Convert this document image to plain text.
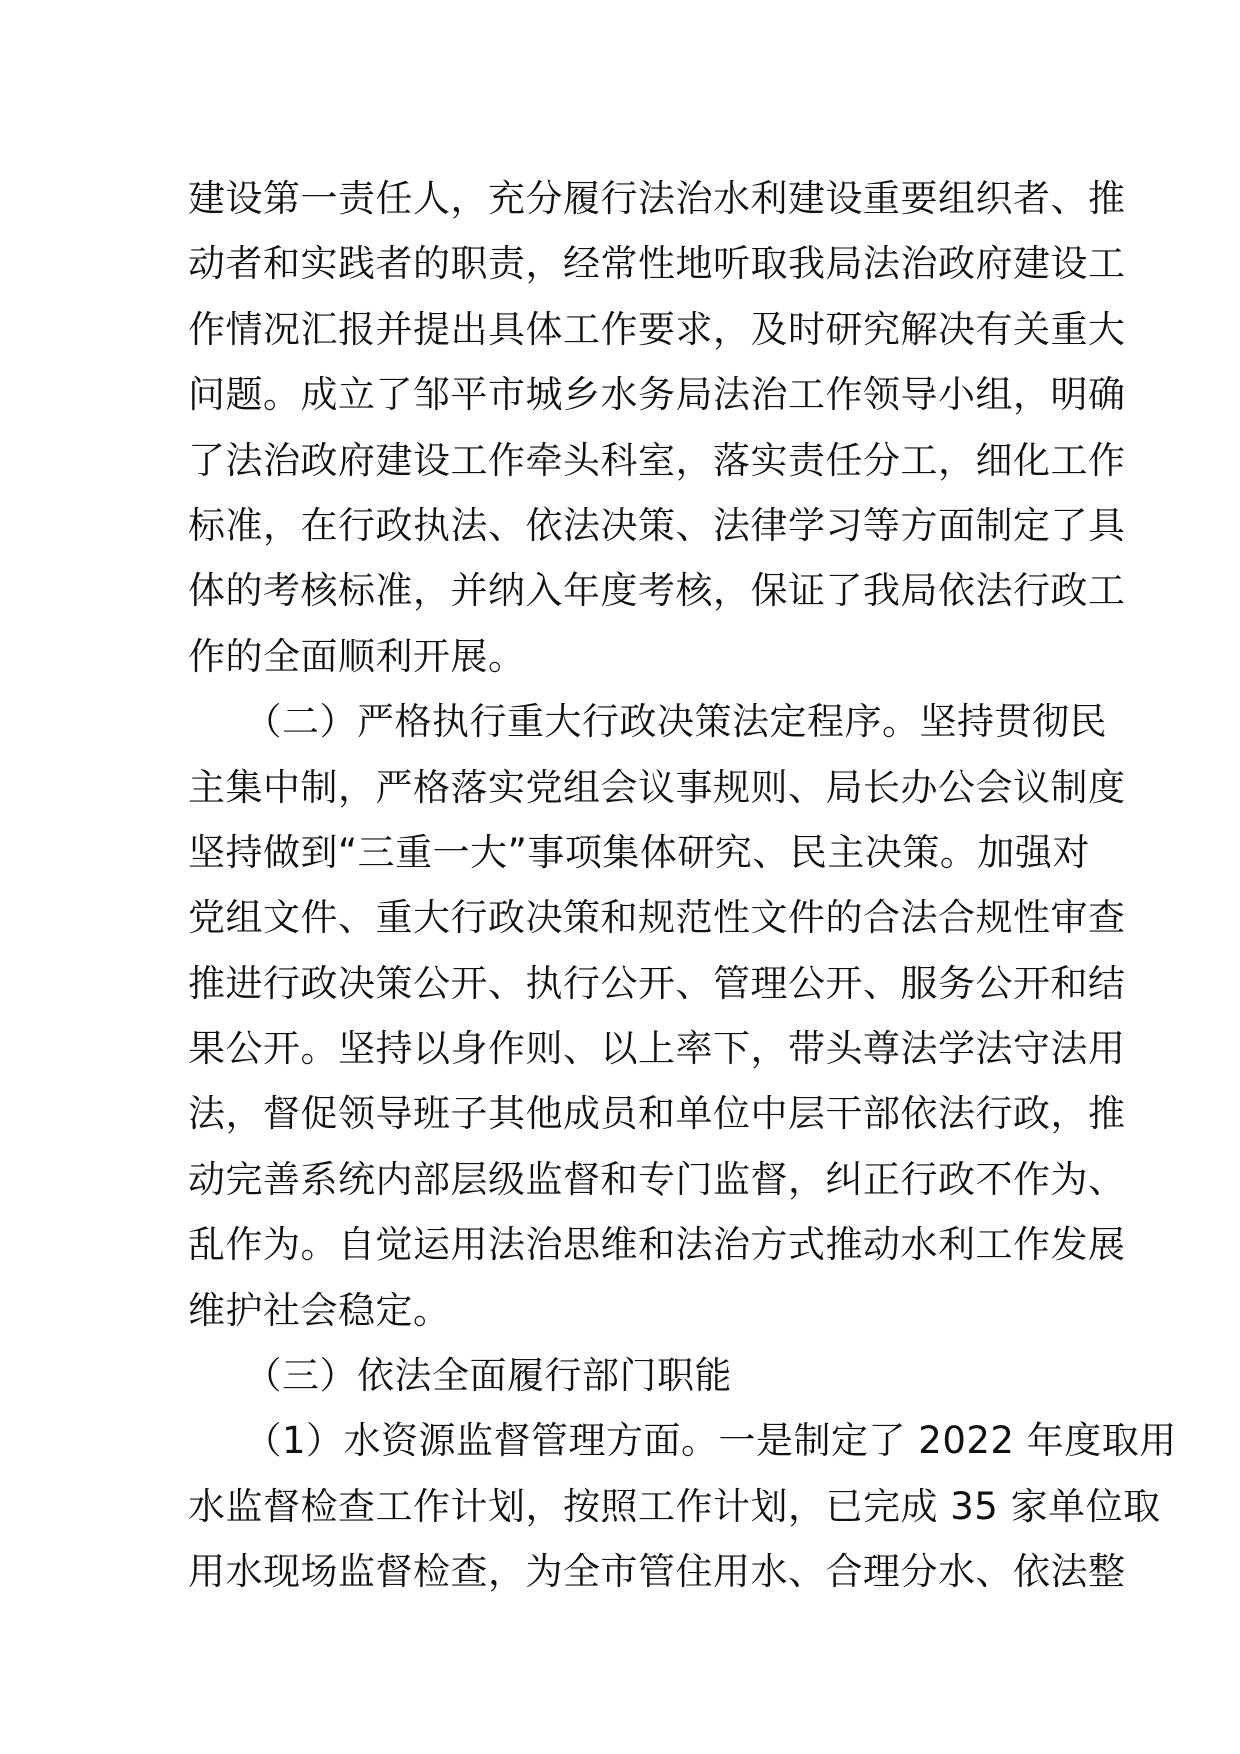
建设第一责任人，充分履行法治水利建设重要组织者、推
动者和实践者的职责，经常性地听取我局法治政府建设工
作情况汇报并提出具体工作要求，及时研究解决有关重大
问题。成立了邹平市城乡水务局法治工作领导小组，明确
了法治政府建设工作牵头科室，落实责任分工，细化工作
标准，在行政执法、依法决策、法律学习等方面制定了具
体的考核标准，并纳入年度考核，保证了我局依法行政工
作的全面顺利开展。
　　（二）严格执行重大行政决策法定程序。坚持贯彻民
主集中制，严格落实党组会议事规则、局长办公会议制度
坚持做到“三重一大”事项集体研究、民主决策。加强对
党组文件、重大行政决策和规范性文件的合法合规性审查
推进行政决策公开、执行公开、管理公开、服务公开和结
果公开。坚持以身作则、以上率下，带头尊法学法守法用
法，督促领导班子其他成员和单位中层干部依法行政，推
动完善系统内部层级监督和专门监督，纠正行政不作为、
乱作为。自觉运用法治思维和法治方式推动水利工作发展
维护社会稳定。
　　（三）依法全面履行部门职能
　　（1）水资源监督管理方面。一是制定了 2022 年度取用
水监督检查工作计划，按照工作计划，已完成 35 家单位取
用水现场监督检查，为全市管住用水、合理分水、依法整
